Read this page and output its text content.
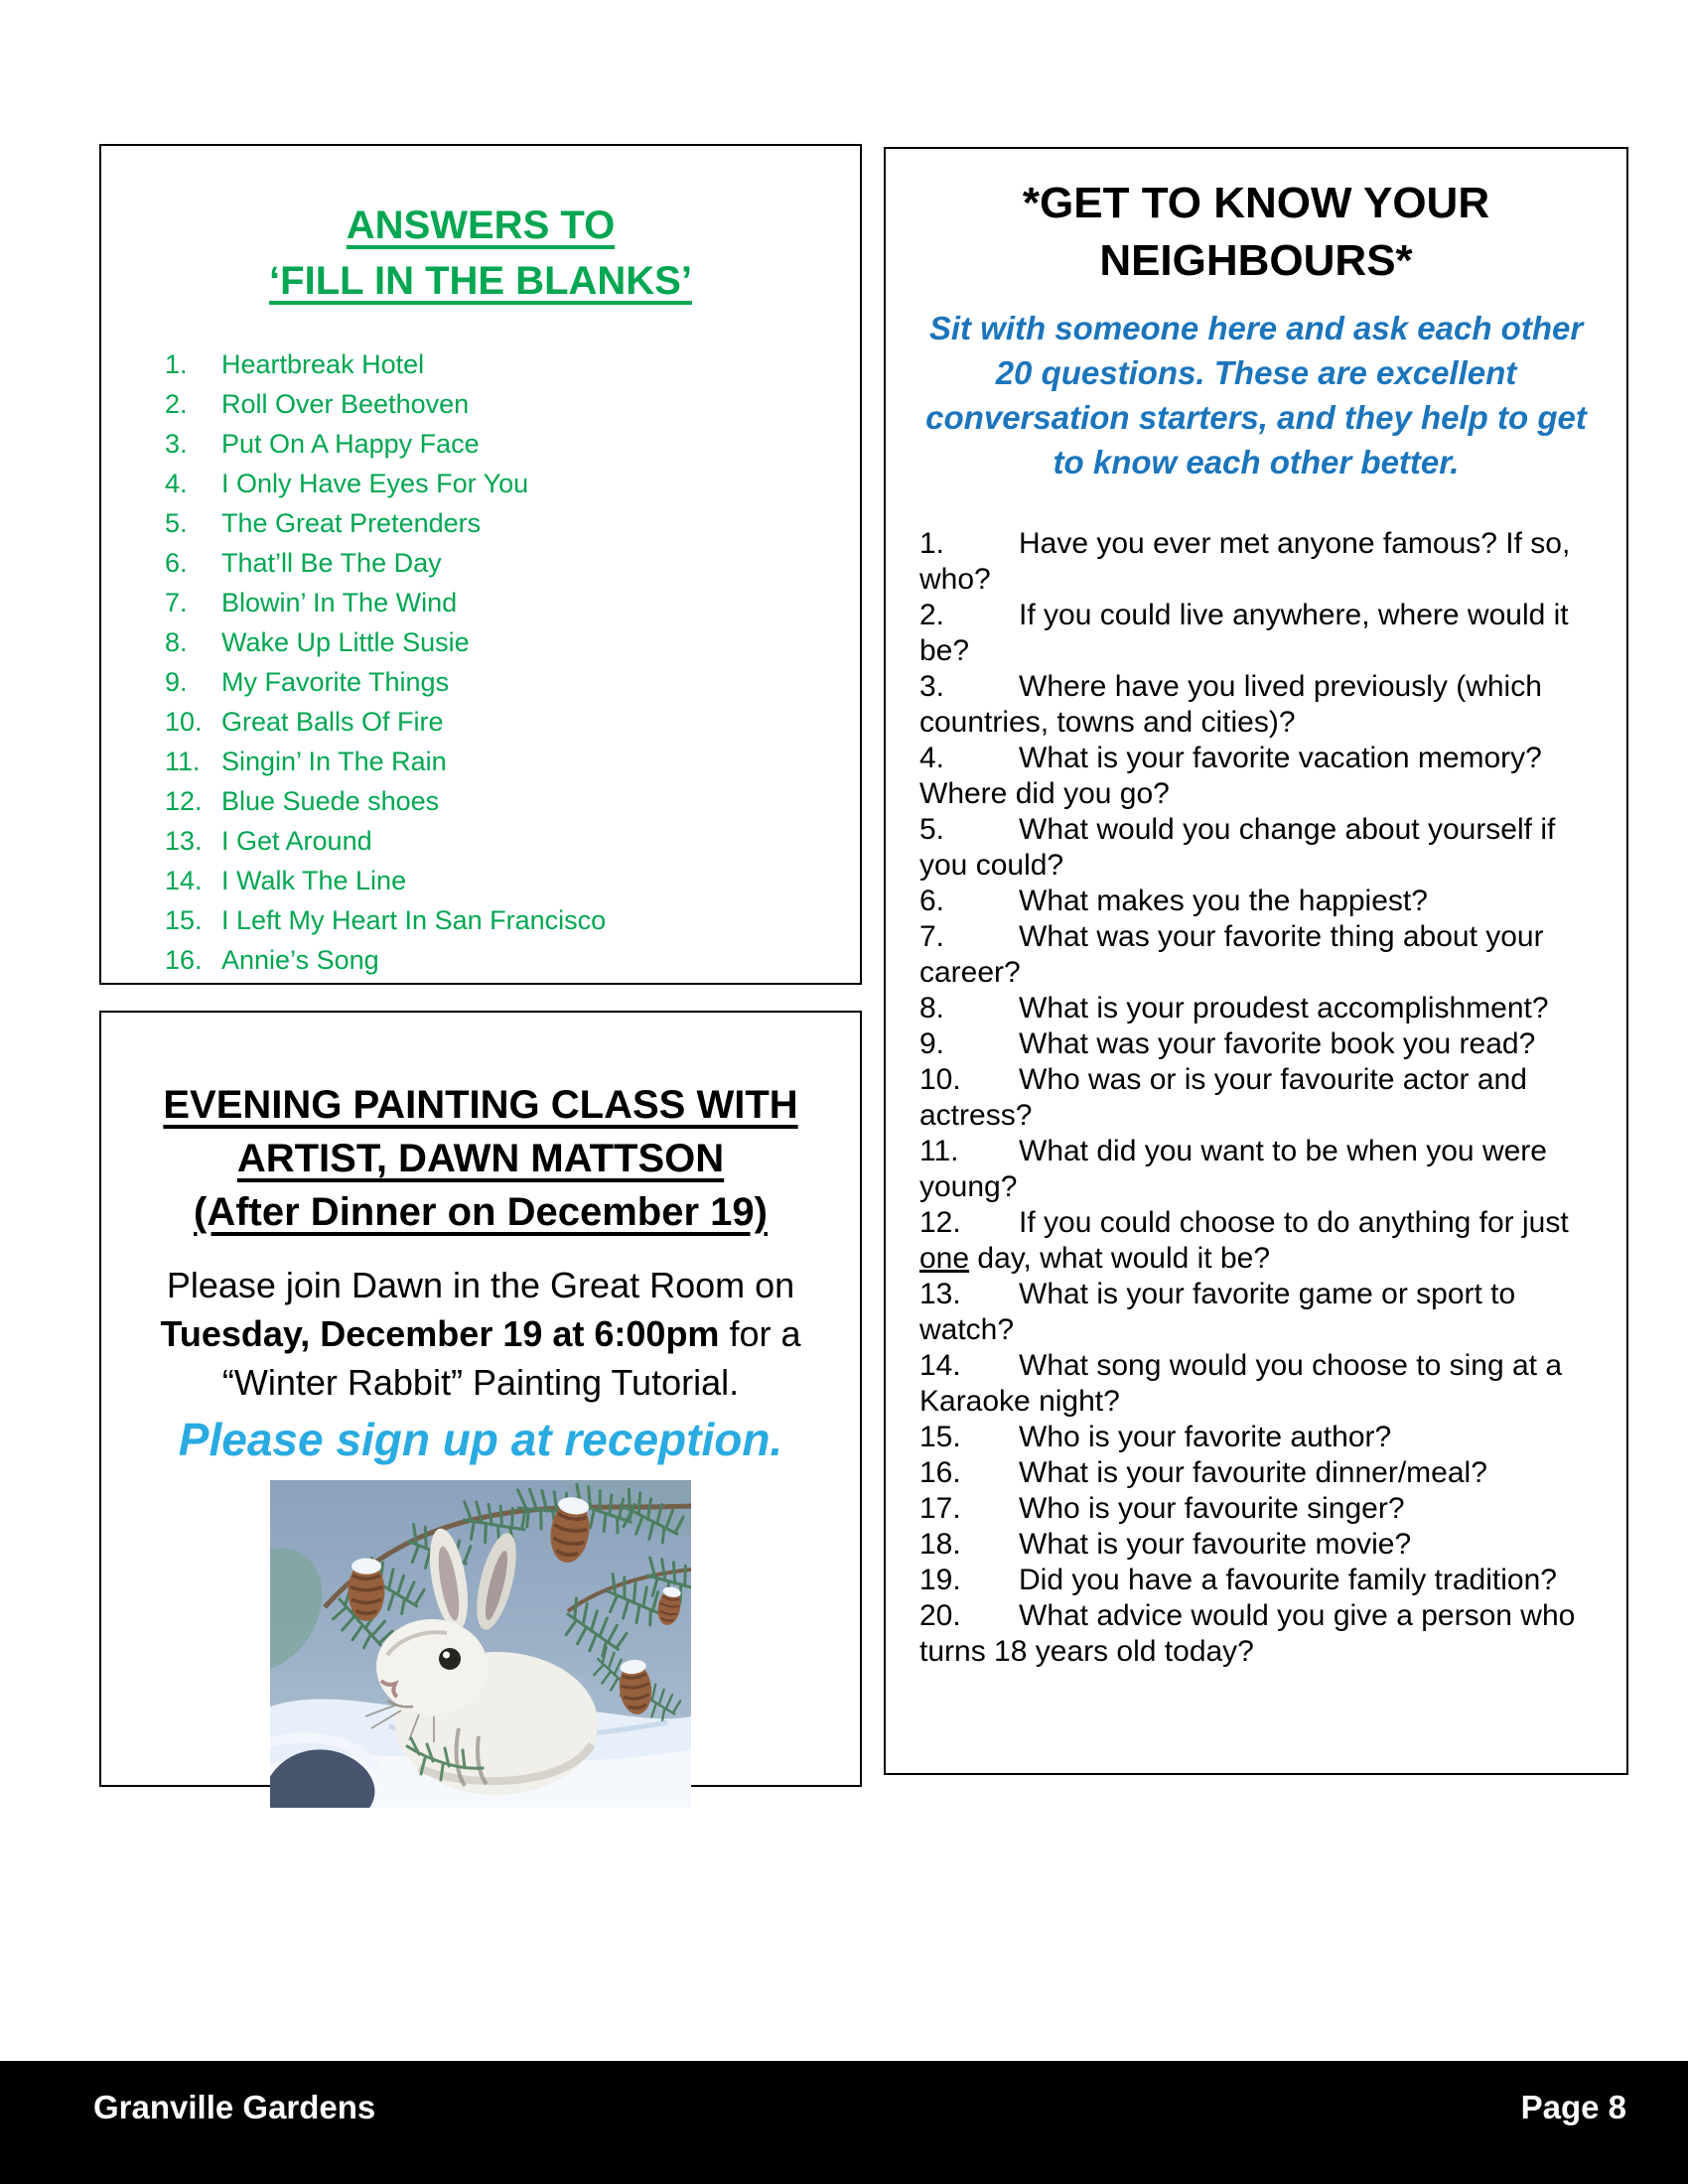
ANSWERS TO
‘FILL IN THE BLANKS’
1. Heartbreak Hotel
2. Roll Over Beethoven
3. Put On A Happy Face
4. I Only Have Eyes For You
5. The Great Pretenders
6. That’ll Be The Day
7. Blowin’ In The Wind
8. Wake Up Little Susie
9. My Favorite Things
10. Great Balls Of Fire
11. Singin’ In The Rain
12. Blue Suede shoes
13. I Get Around
14. I Walk The Line
15. I Left My Heart In San Francisco
16. Annie’s Song
*GET TO KNOW YOUR
NEIGHBOURS*

Sit with someone here and ask each other 20 questions. These are excellent conversation starters, and they help to get to know each other better.

1. Have you ever met anyone famous? If so, who?
2. If you could live anywhere, where would it be?
3. Where have you lived previously (which countries, towns and cities)?
4. What is your favorite vacation memory? Where did you go?
5. What would you change about yourself if you could?
6. What makes you the happiest?
7. What was your favorite thing about your career?
8. What is your proudest accomplishment?
9. What was your favorite book you read?
10. Who was or is your favourite actor and actress?
11. What did you want to be when you were young?
12. If you could choose to do anything for just one day, what would it be?
13. What is your favorite game or sport to watch?
14. What song would you choose to sing at a Karaoke night?
15. Who is your favorite author?
16. What is your favourite dinner/meal?
17. Who is your favourite singer?
18. What is your favourite movie?
19. Did you have a favourite family tradition?
20. What advice would you give a person who turns 18 years old today?
EVENING PAINTING CLASS WITH
ARTIST, DAWN MATTSON
(After Dinner on December 19)

Please join Dawn in the Great Room on Tuesday, December 19 at 6:00pm for a “Winter Rabbit” Painting Tutorial.

Please sign up at reception.

Granville Gardens	Page 8
